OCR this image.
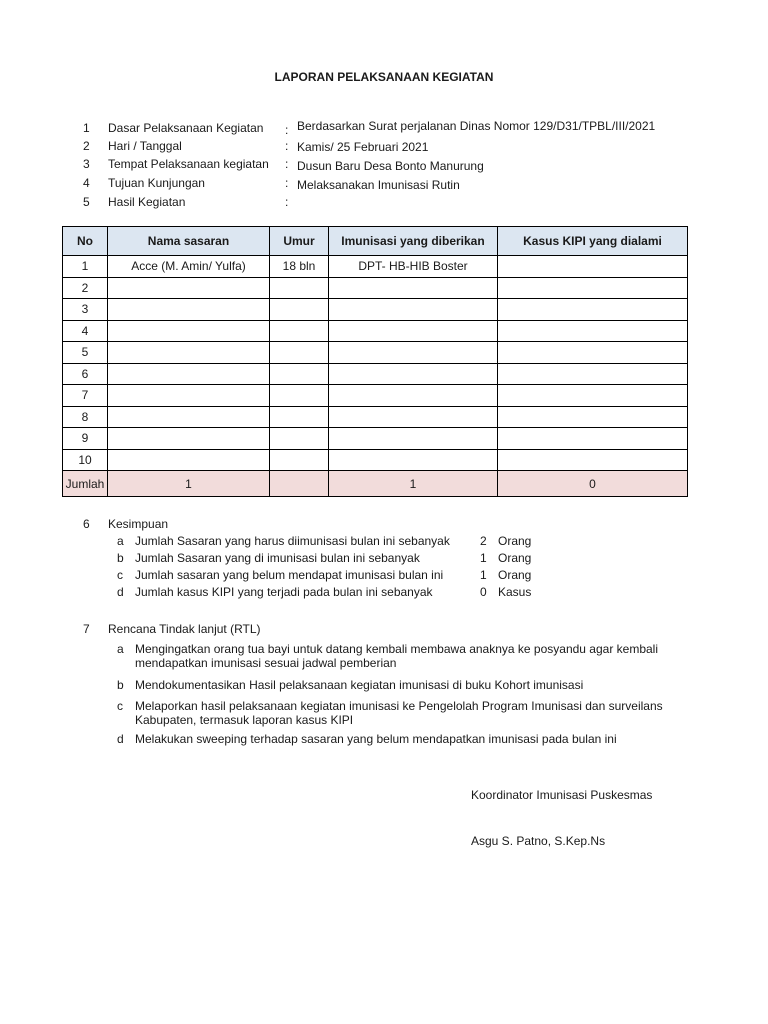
LAPORAN PELAKSANAAN KEGIATAN
1 Dasar Pelaksanaan Kegiatan : Berdasarkan Surat perjalanan Dinas Nomor 129/D31/TPBL/III/2021
2 Hari / Tanggal	: Kamis/ 25 Februari 2021
3 Tempat Pelaksanaan kegiatan : Dusun Baru Desa Bonto Manurung
4 Tujuan Kunjungan	: Melaksanakan Imunisasi Rutin
5 Hasil Kegiatan	:
No	Nama sasaran	Umur	Imunisasi yang diberikan	Kasus KIPI yang dialami
1	Acce (M. Amin/ Yulfa)	18 bln	DPT- HB-HIB Boster	
2				
3				
4				
5				
6				
7				
8				
9				
10				
Jumlah	1		1	0
6 Kesimpuan
a Jumlah Sasaran yang harus diimunisasi bulan ini sebanyak	2 Orang
b Jumlah Sasaran yang di imunisasi bulan ini sebanyak	1 Orang
c Jumlah sasaran yang belum mendapat imunisasi bulan ini	1 Orang
d Jumlah kasus KIPI yang terjadi pada bulan ini sebanyak	0 Kasus
7 Rencana Tindak lanjut (RTL)
a Mengingatkan orang tua bayi untuk datang kembali membawa anaknya ke posyandu agar kembali
mendapatkan imunisasi sesuai jadwal pemberian
b Mendokumentasikan Hasil pelaksanaan kegiatan imunisasi di buku Kohort imunisasi
c Melaporkan hasil pelaksanaan kegiatan imunisasi ke Pengelolah Program Imunisasi dan surveilans
Kabupaten, termasuk laporan kasus KIPI
d Melakukan sweeping terhadap sasaran yang belum mendapatkan imunisasi pada bulan ini
Koordinator Imunisasi Puskesmas
Asgu S. Patno, S.Kep.Ns
